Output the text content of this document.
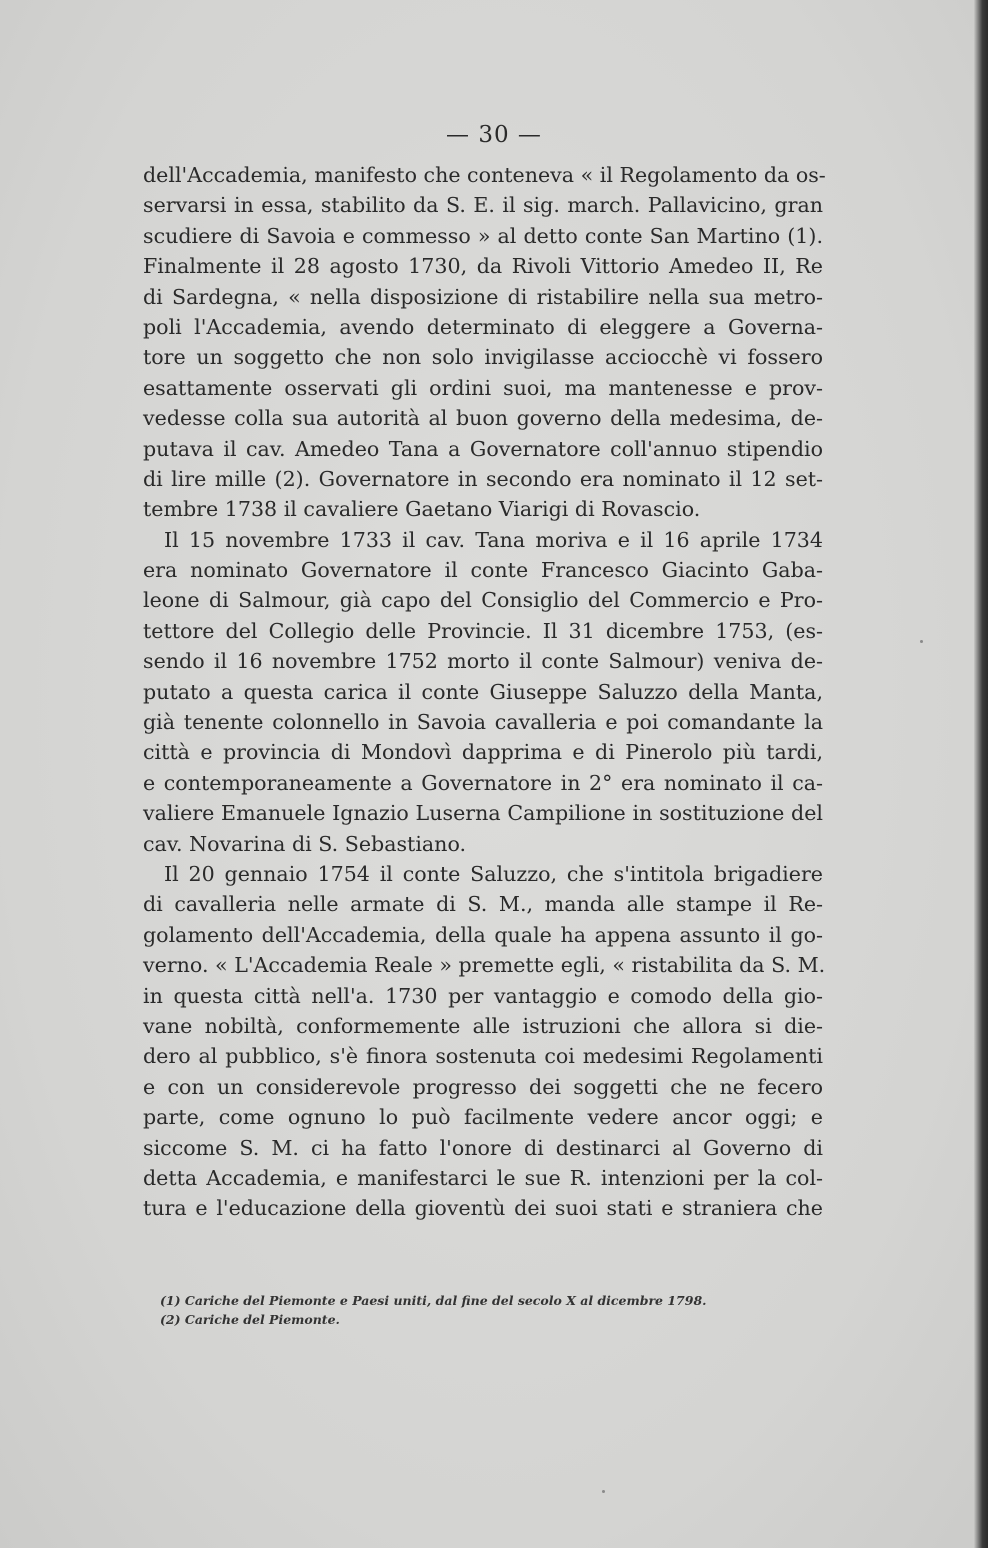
— 30 —
dell'Accademia, manifesto che conteneva « il Regolamento da os-
servarsi in essa, stabilito da S. E. il sig. march. Pallavicino, gran
scudiere di Savoia e commesso » al detto conte San Martino (1).
Finalmente il 28 agosto 1730, da Rivoli Vittorio Amedeo II, Re
di Sardegna, « nella disposizione di ristabilire nella sua metro-
poli l'Accademia, avendo determinato di eleggere a Governa-
tore un soggetto che non solo invigilasse acciocchè vi fossero
esattamente osservati gli ordini suoi, ma mantenesse e prov-
vedesse colla sua autorità al buon governo della medesima, de-
putava il cav. Amedeo Tana a Governatore coll'annuo stipendio
di lire mille (2). Governatore in secondo era nominato il 12 set-
tembre 1738 il cavaliere Gaetano Viarigi di Rovascio.
Il 15 novembre 1733 il cav. Tana moriva e il 16 aprile 1734
era nominato Governatore il conte Francesco Giacinto Gaba-
leone di Salmour, già capo del Consiglio del Commercio e Pro-
tettore del Collegio delle Provincie. Il 31 dicembre 1753, (es-
sendo il 16 novembre 1752 morto il conte Salmour) veniva de-
putato a questa carica il conte Giuseppe Saluzzo della Manta,
già tenente colonnello in Savoia cavalleria e poi comandante la
città e provincia di Mondovì dapprima e di Pinerolo più tardi,
e contemporaneamente a Governatore in 2° era nominato il ca-
valiere Emanuele Ignazio Luserna Campilione in sostituzione del
cav. Novarina di S. Sebastiano.
Il 20 gennaio 1754 il conte Saluzzo, che s'intitola brigadiere
di cavalleria nelle armate di S. M., manda alle stampe il Re-
golamento dell'Accademia, della quale ha appena assunto il go-
verno. « L'Accademia Reale » premette egli, « ristabilita da S. M.
in questa città nell'a. 1730 per vantaggio e comodo della gio-
vane nobiltà, conformemente alle istruzioni che allora si die-
dero al pubblico, s'è finora sostenuta coi medesimi Regolamenti
e con un considerevole progresso dei soggetti che ne fecero
parte, come ognuno lo può facilmente vedere ancor oggi; e
siccome S. M. ci ha fatto l'onore di destinarci al Governo di
detta Accademia, e manifestarci le sue R. intenzioni per la col-
tura e l'educazione della gioventù dei suoi stati e straniera che
(1) Cariche del Piemonte e Paesi uniti, dal fine del secolo X al dicembre 1798.
(2) Cariche del Piemonte.
